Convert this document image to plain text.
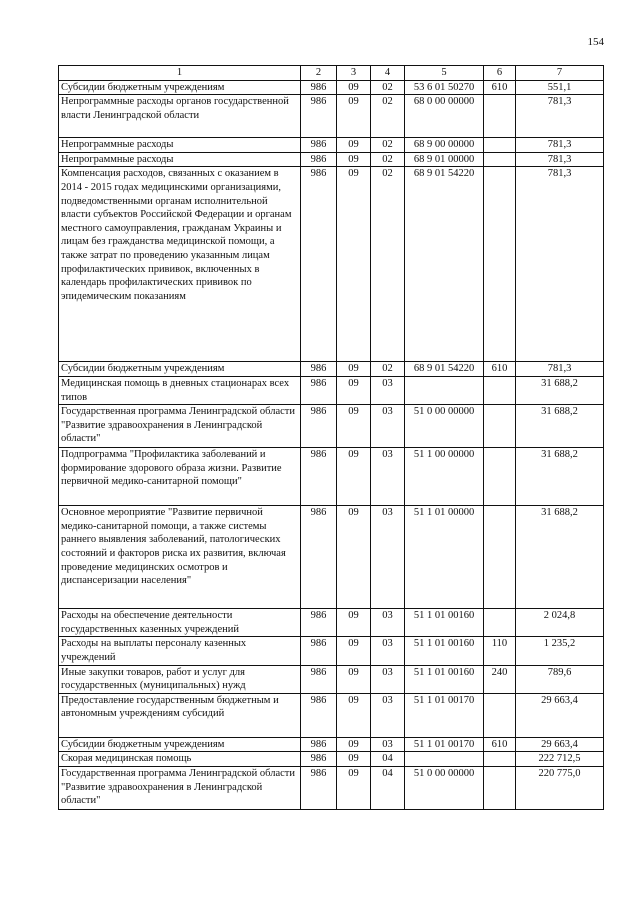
154
1	2	3	4	5	6	7
Субсидии бюджетным учреждениям	986	09	02	53 6 01 50270	610	551,1
Непрограммные расходы органов государственной власти Ленинградской области	986	09	02	68 0 00 00000		781,3
Непрограммные расходы	986	09	02	68 9 00 00000		781,3
Непрограммные расходы	986	09	02	68 9 01 00000		781,3
Компенсация расходов, связанных с оказанием в 2014 - 2015 годах медицинскими организациями, подведомственными органам исполнительной власти субъектов Российской Федерации и органам местного самоуправления, гражданам Украины и лицам без гражданства медицинской помощи, а также затрат по проведению указанным лицам профилактических прививок, включенных в календарь профилактических прививок по эпидемическим показаниям	986	09	02	68 9 01 54220		781,3
Субсидии бюджетным учреждениям	986	09	02	68 9 01 54220	610	781,3
Медицинская помощь в дневных стационарах всех типов	986	09	03			31 688,2
Государственная программа Ленинградской области "Развитие здравоохранения в Ленинградской области"	986	09	03	51 0 00 00000		31 688,2
Подпрограмма "Профилактика заболеваний и формирование здорового образа жизни. Развитие первичной медико-санитарной помощи"	986	09	03	51 1 00 00000		31 688,2
Основное мероприятие "Развитие первичной медико-санитарной помощи, а также системы раннего выявления заболеваний, патологических состояний и факторов риска их развития, включая проведение медицинских осмотров и диспансеризации населения"	986	09	03	51 1 01 00000		31 688,2
Расходы на обеспечение деятельности государственных казенных учреждений	986	09	03	51 1 01 00160		2 024,8
Расходы на выплаты персоналу казенных учреждений	986	09	03	51 1 01 00160	110	1 235,2
Иные закупки товаров, работ и услуг для государственных (муниципальных) нужд	986	09	03	51 1 01 00160	240	789,6
Предоставление государственным бюджетным и автономным учреждениям субсидий	986	09	03	51 1 01 00170		29 663,4
Субсидии бюджетным учреждениям	986	09	03	51 1 01 00170	610	29 663,4
Скорая медицинская помощь	986	09	04			222 712,5
Государственная программа Ленинградской области "Развитие здравоохранения в Ленинградской области"	986	09	04	51 0 00 00000		220 775,0
